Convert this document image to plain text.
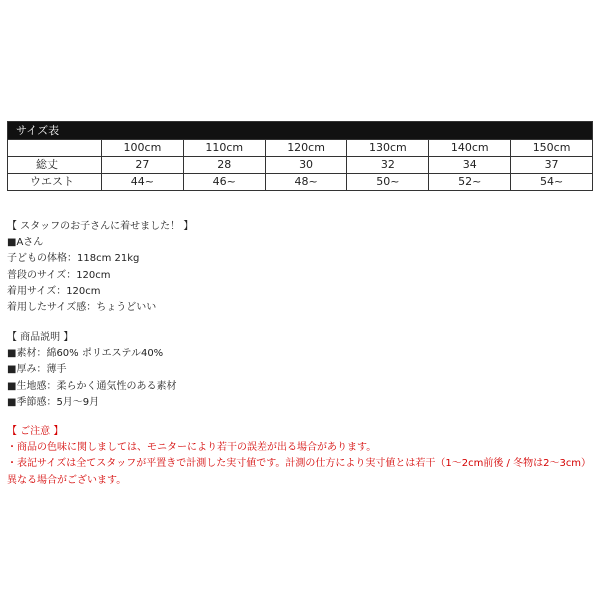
サイズ表						
	100cm	110cm	120cm	130cm	140cm	150cm
総丈	27	28	30	32	34	37
ウエスト	44~	46~	48~	50~	52~	54~
【 スタッフのお子さんに着せました！ 】
■Aさん
子どもの体格：118cm 21kg
普段のサイズ：120cm
着用サイズ：120cm
着用したサイズ感：ちょうどいい
【 商品説明 】
■素材：綿60% ポリエステル40%
■厚み：薄手
■生地感：柔らかく通気性のある素材
■季節感：5月～9月
【 ご注意 】
・商品の色味に関しましては、モニターにより若干の誤差が出る場合があります。
・表記サイズは全てスタッフが平置きで計測した実寸値です。計測の仕方により実寸値とは若干（1～2cm前後 / 冬物は2～3cm）異なる場合がございます。
